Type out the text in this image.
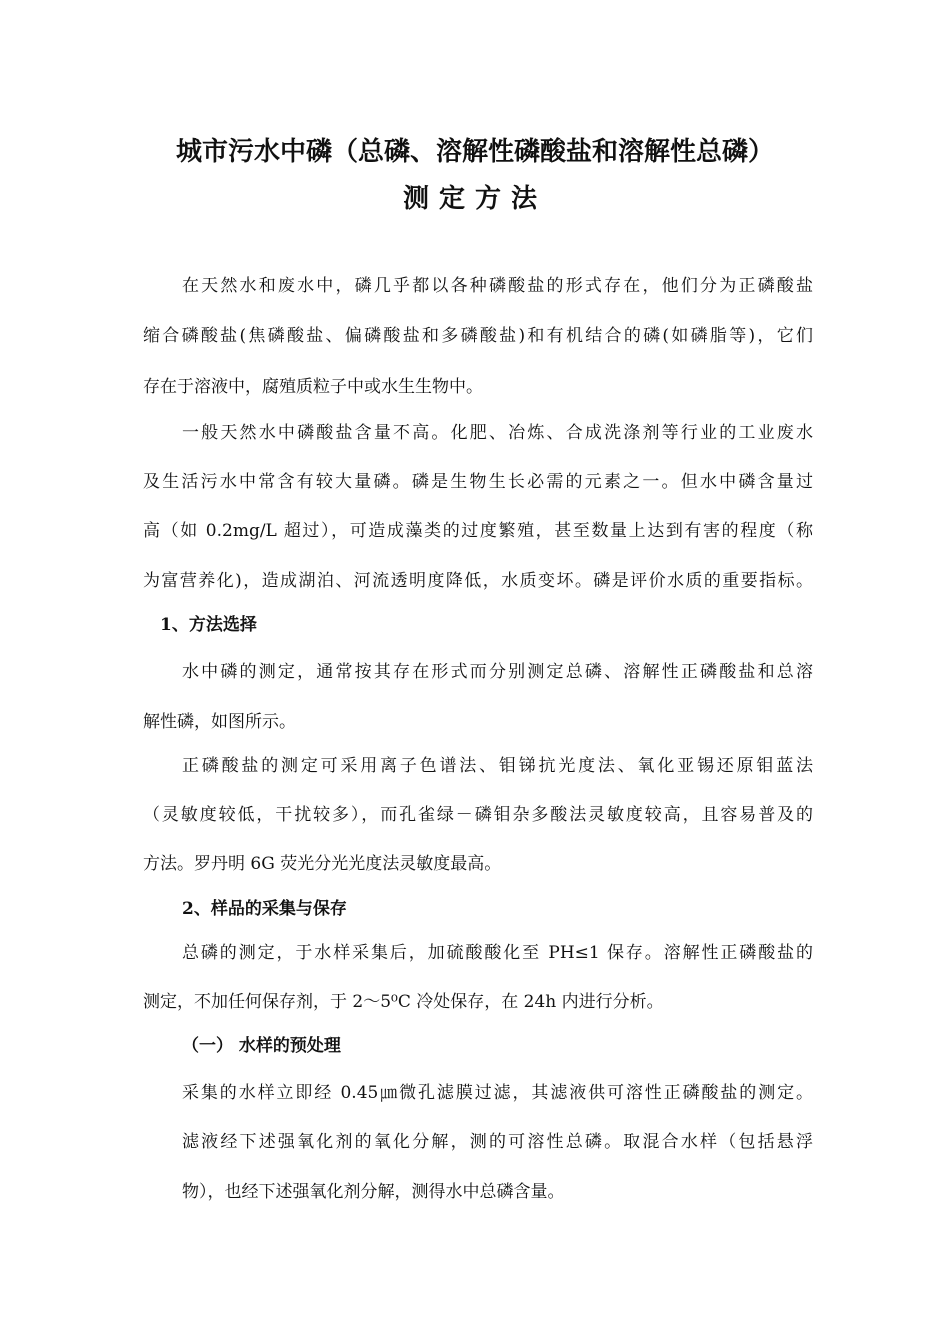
城市污水中磷（总磷、溶解性磷酸盐和溶解性总磷）
测定方法

在天然水和废水中，磷几乎都以各种磷酸盐的形式存在，他们分为正磷酸盐

缩合磷酸盐(焦磷酸盐、偏磷酸盐和多磷酸盐)和有机结合的磷(如磷脂等)，它们

存在于溶液中，腐殖质粒子中或水生生物中。

一般天然水中磷酸盐含量不高。化肥、冶炼、合成洗涤剂等行业的工业废水

及生活污水中常含有较大量磷。磷是生物生长必需的元素之一。但水中磷含量过

高（如 0.2mg/L 超过），可造成藻类的过度繁殖，甚至数量上达到有害的程度（称

为富营养化)，造成湖泊、河流透明度降低，水质变坏。磷是评价水质的重要指标。

1、方法选择

水中磷的测定，通常按其存在形式而分别测定总磷、溶解性正磷酸盐和总溶

解性磷，如图所示。

正磷酸盐的测定可采用离子色谱法、钼锑抗光度法、氧化亚锡还原钼蓝法

（灵敏度较低，干扰较多），而孔雀绿－磷钼杂多酸法灵敏度较高，且容易普及的

方法。罗丹明 6G 荧光分光光度法灵敏度最高。

2、样品的采集与保存

总磷的测定，于水样采集后，加硫酸酸化至 PH≤1 保存。溶解性正磷酸盐的

测定，不加任何保存剂，于 2～5⁰C 冷处保存，在 24h 内进行分析。

（一） 水样的预处理

采集的水样立即经 0.45㎛微孔滤膜过滤，其滤液供可溶性正磷酸盐的测定。

滤液经下述强氧化剂的氧化分解，测的可溶性总磷。取混合水样（包括悬浮

物），也经下述强氧化剂分解，测得水中总磷含量。
